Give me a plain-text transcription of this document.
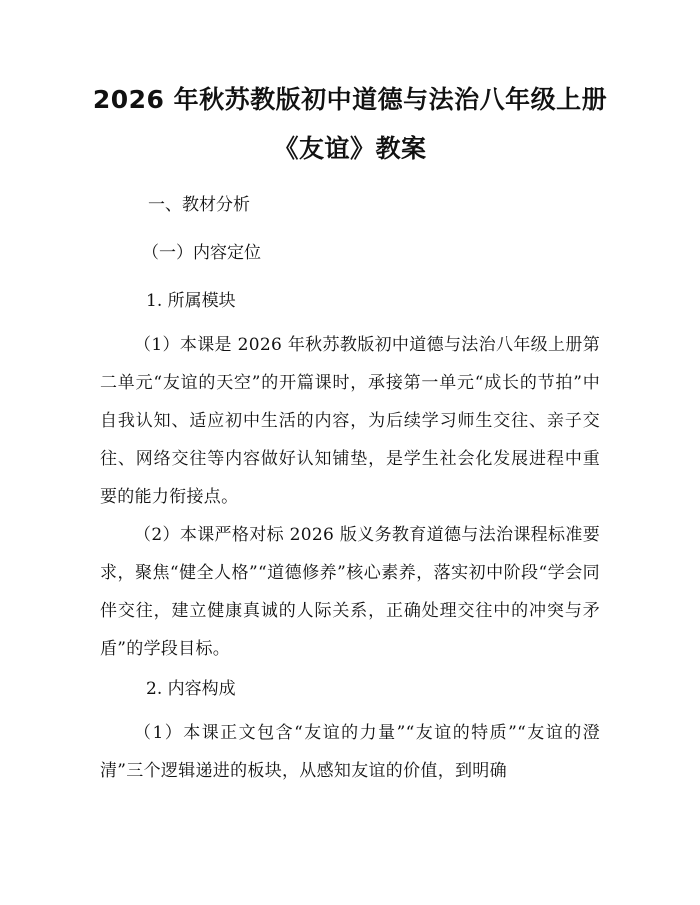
2026 年秋苏教版初中道德与法治八年级上册
《友谊》教案
一、教材分析
（一）内容定位
1. 所属模块
（1）本课是 2026 年秋苏教版初中道德与法治八年级上册第二单元“友谊的天空”的开篇课时，承接第一单元“成长的节拍”中自我认知、适应初中生活的内容，为后续学习师生交往、亲子交往、网络交往等内容做好认知铺垫，是学生社会化发展进程中重要的能力衔接点。
（2）本课严格对标 2026 版义务教育道德与法治课程标准要求，聚焦“健全人格”“道德修养”核心素养，落实初中阶段“学会同伴交往，建立健康真诚的人际关系，正确处理交往中的冲突与矛盾”的学段目标。
2. 内容构成
（1）本课正文包含“友谊的力量”“友谊的特质”“友谊的澄清”三个逻辑递进的板块，从感知友谊的价值，到明确
